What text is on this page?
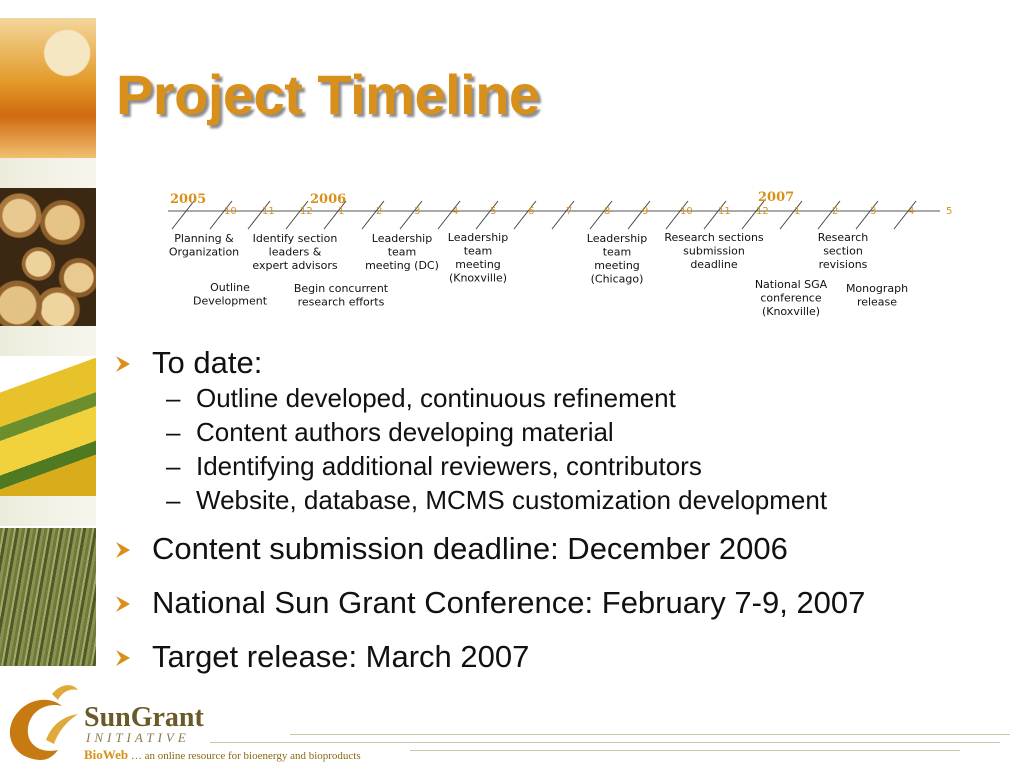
Project Timeline
10	11	12	1	2	3	4	5	6	7	8	9	10	11	12	1	2	3	4	5
2005	2006	2007
Planning & Organization
Identify section leaders & expert advisors
Leadership team meeting (DC)
Leadership team meeting (Knoxville)
Leadership team meeting (Chicago)
Research sections submission deadline
Research section revisions
Outline Development
Begin concurrent research efforts
National SGA conference (Knoxville)
Monograph release
To date:
– Outline developed, continuous refinement
– Content authors developing material
– Identifying additional reviewers, contributors
– Website, database, MCMS customization development
Content submission deadline: December 2006
National Sun Grant Conference: February 7-9, 2007
Target release: March 2007
SunGrant
INITIATIVE
BioWeb … an online resource for bioenergy and bioproducts
